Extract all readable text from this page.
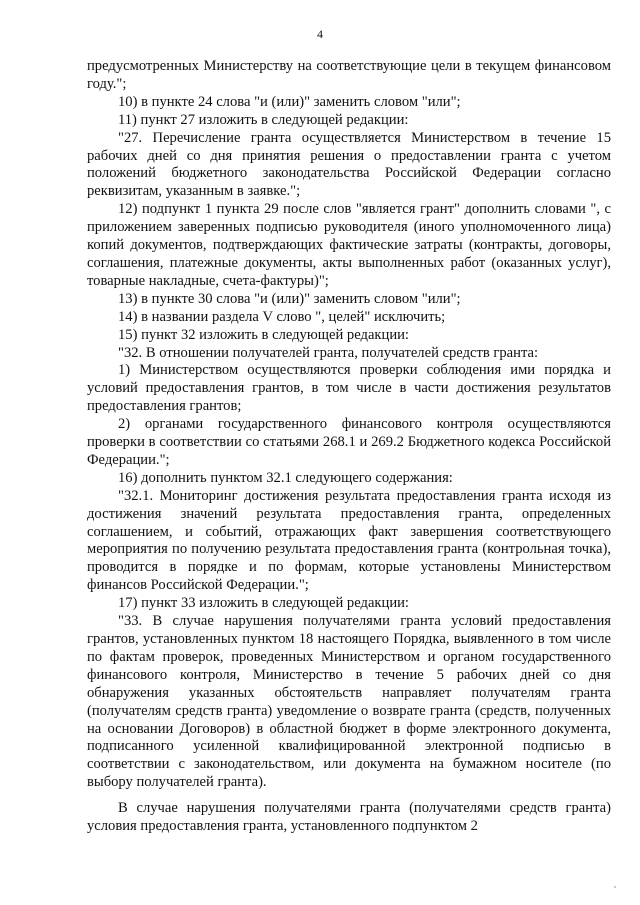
4

предусмотренных Министерству на соответствующие цели в текущем финансовом году.";

10) в пункте 24 слова "и (или)" заменить словом "или";

11) пункт 27 изложить в следующей редакции:

"27. Перечисление гранта осуществляется Министерством в течение 15 рабочих дней со дня принятия решения о предоставлении гранта с учетом положений бюджетного законодательства Российской Федерации согласно реквизитам, указанным в заявке.";

12) подпункт 1 пункта 29 после слов "является грант" дополнить словами ", с приложением заверенных подписью руководителя (иного уполномоченного лица) копий документов, подтверждающих фактические затраты (контракты, договоры, соглашения, платежные документы, акты выполненных работ (оказанных услуг), товарные накладные, счета-фактуры)";

13) в пункте 30 слова "и (или)" заменить словом "или";

14) в названии раздела V слово ", целей" исключить;

15) пункт 32 изложить в следующей редакции:

"32. В отношении получателей гранта, получателей средств гранта:

1) Министерством осуществляются проверки соблюдения ими порядка и условий предоставления грантов, в том числе в части достижения результатов предоставления грантов;

2) органами государственного финансового контроля осуществляются проверки в соответствии со статьями 268.1 и 269.2 Бюджетного кодекса Российской Федерации.";

16) дополнить пунктом 32.1 следующего содержания:

"32.1. Мониторинг достижения результата предоставления гранта исходя из достижения значений результата предоставления гранта, определенных соглашением, и событий, отражающих факт завершения соответствующего мероприятия по получению результата предоставления гранта (контрольная точка), проводится в порядке и по формам, которые установлены Министерством финансов Российской Федерации.";

17) пункт 33 изложить в следующей редакции:

"33. В случае нарушения получателями гранта условий предоставления грантов, установленных пунктом 18 настоящего Порядка, выявленного в том числе по фактам проверок, проведенных Министерством и органом государственного финансового контроля, Министерство в течение 5 рабочих дней со дня обнаружения указанных обстоятельств направляет получателям гранта (получателям средств гранта) уведомление о возврате гранта (средств, полученных на основании Договоров) в областной бюджет в форме электронного документа, подписанного усиленной квалифицированной электронной подписью в соответствии с законодательством, или документа на бумажном носителе (по выбору получателей гранта).

В случае нарушения получателями гранта (получателями средств гранта) условия предоставления гранта, установленного подпунктом 2
